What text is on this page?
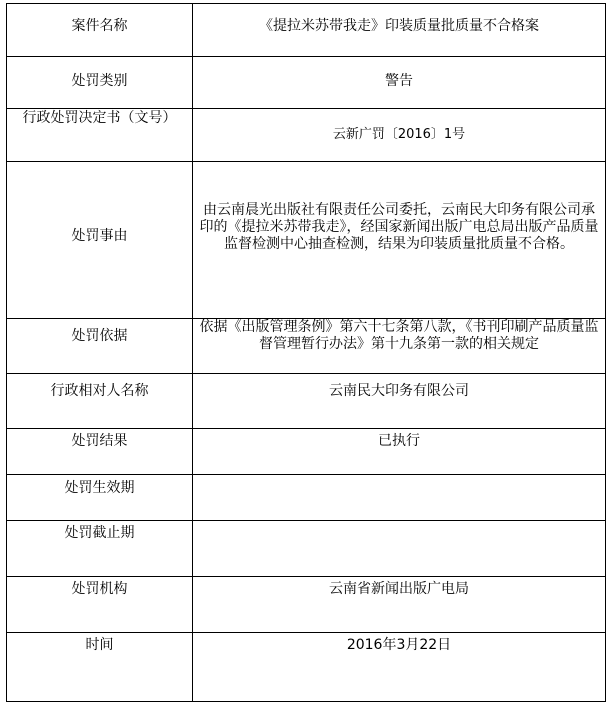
案件名称	《提拉米苏带我走》印装质量批质量不合格案

处罚类别	警告

行政处罚决定书（文号）	云新广罚〔2016〕1号

处罚事由	由云南晨光出版社有限责任公司委托，云南民大印务有限公司承印的《提拉米苏带我走》，经国家新闻出版广电总局出版产品质量监督检测中心抽查检测，结果为印装质量批质量不合格。

处罚依据	依据《出版管理条例》第六十七条第八款，《书刊印刷产品质量监督管理暂行办法》第十九条第一款的相关规定

行政相对人名称	云南民大印务有限公司

处罚结果	已执行

处罚生效期	

处罚截止期	

处罚机构	云南省新闻出版广电局

时间	2016年3月22日
